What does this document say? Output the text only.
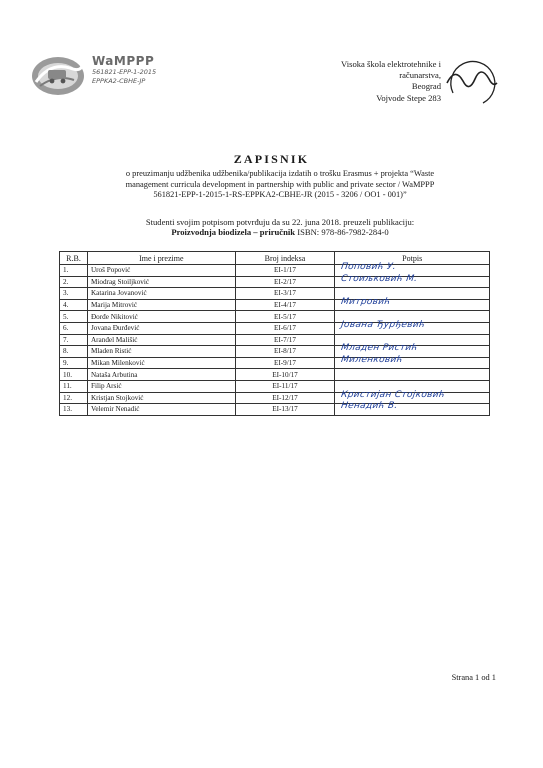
WaMPPP
561821-EPP-1-2015
EPPKA2-CBHE-JP
Visoka škola elektrotehnike i
računarstva,
Beograd
Vojvode Stepe 283
ZAPISNIK
o preuzimanju udžbenika udžbenika/publikacija izdatih o trošku Erasmus + projekta “Waste management curricula development in partnership with public and private sector / WaMPPP 561821-EPP-1-2015-1-RS-EPPKA2-CBHE-JR (2015 - 3206 / OO1 - 001)”
Studenti svojim potpisom potvrđuju da su 22. juna 2018. preuzeli publikaciju:
Proizvodnja biodizela – priručnik ISBN: 978-86-7982-284-0
R.B.	Ime i prezime	Broj indeksa	Potpis
1.	Uroš Popović	EI-1/17	Поповић У.

2.	Miodrag Stoiljković	EI-2/17	Стоиљковић М.

3.	Katarina Jovanović	EI-3/17	
4.	Marija Mitrović	EI-4/17	Митровић

5.	Đorđe Nikitović	EI-5/17	
6.	Jovana Đurđević	EI-6/17	Јована Ђурђевић

7.	Aranđel Mališić	EI-7/17	
8.	Mladen Ristić	EI-8/17	Младен Ристић

9.	Mikan Milenković	EI-9/17	Миленковић

10.	Nataša Arbutina	EI-10/17	
11.	Filip Arsić	EI-11/17	
12.	Kristjan Stojković	EI-12/17	Кристијан Стојковић

13.	Velemir Nenadić	EI-13/17	Ненадић В.
Strana 1 od 1
